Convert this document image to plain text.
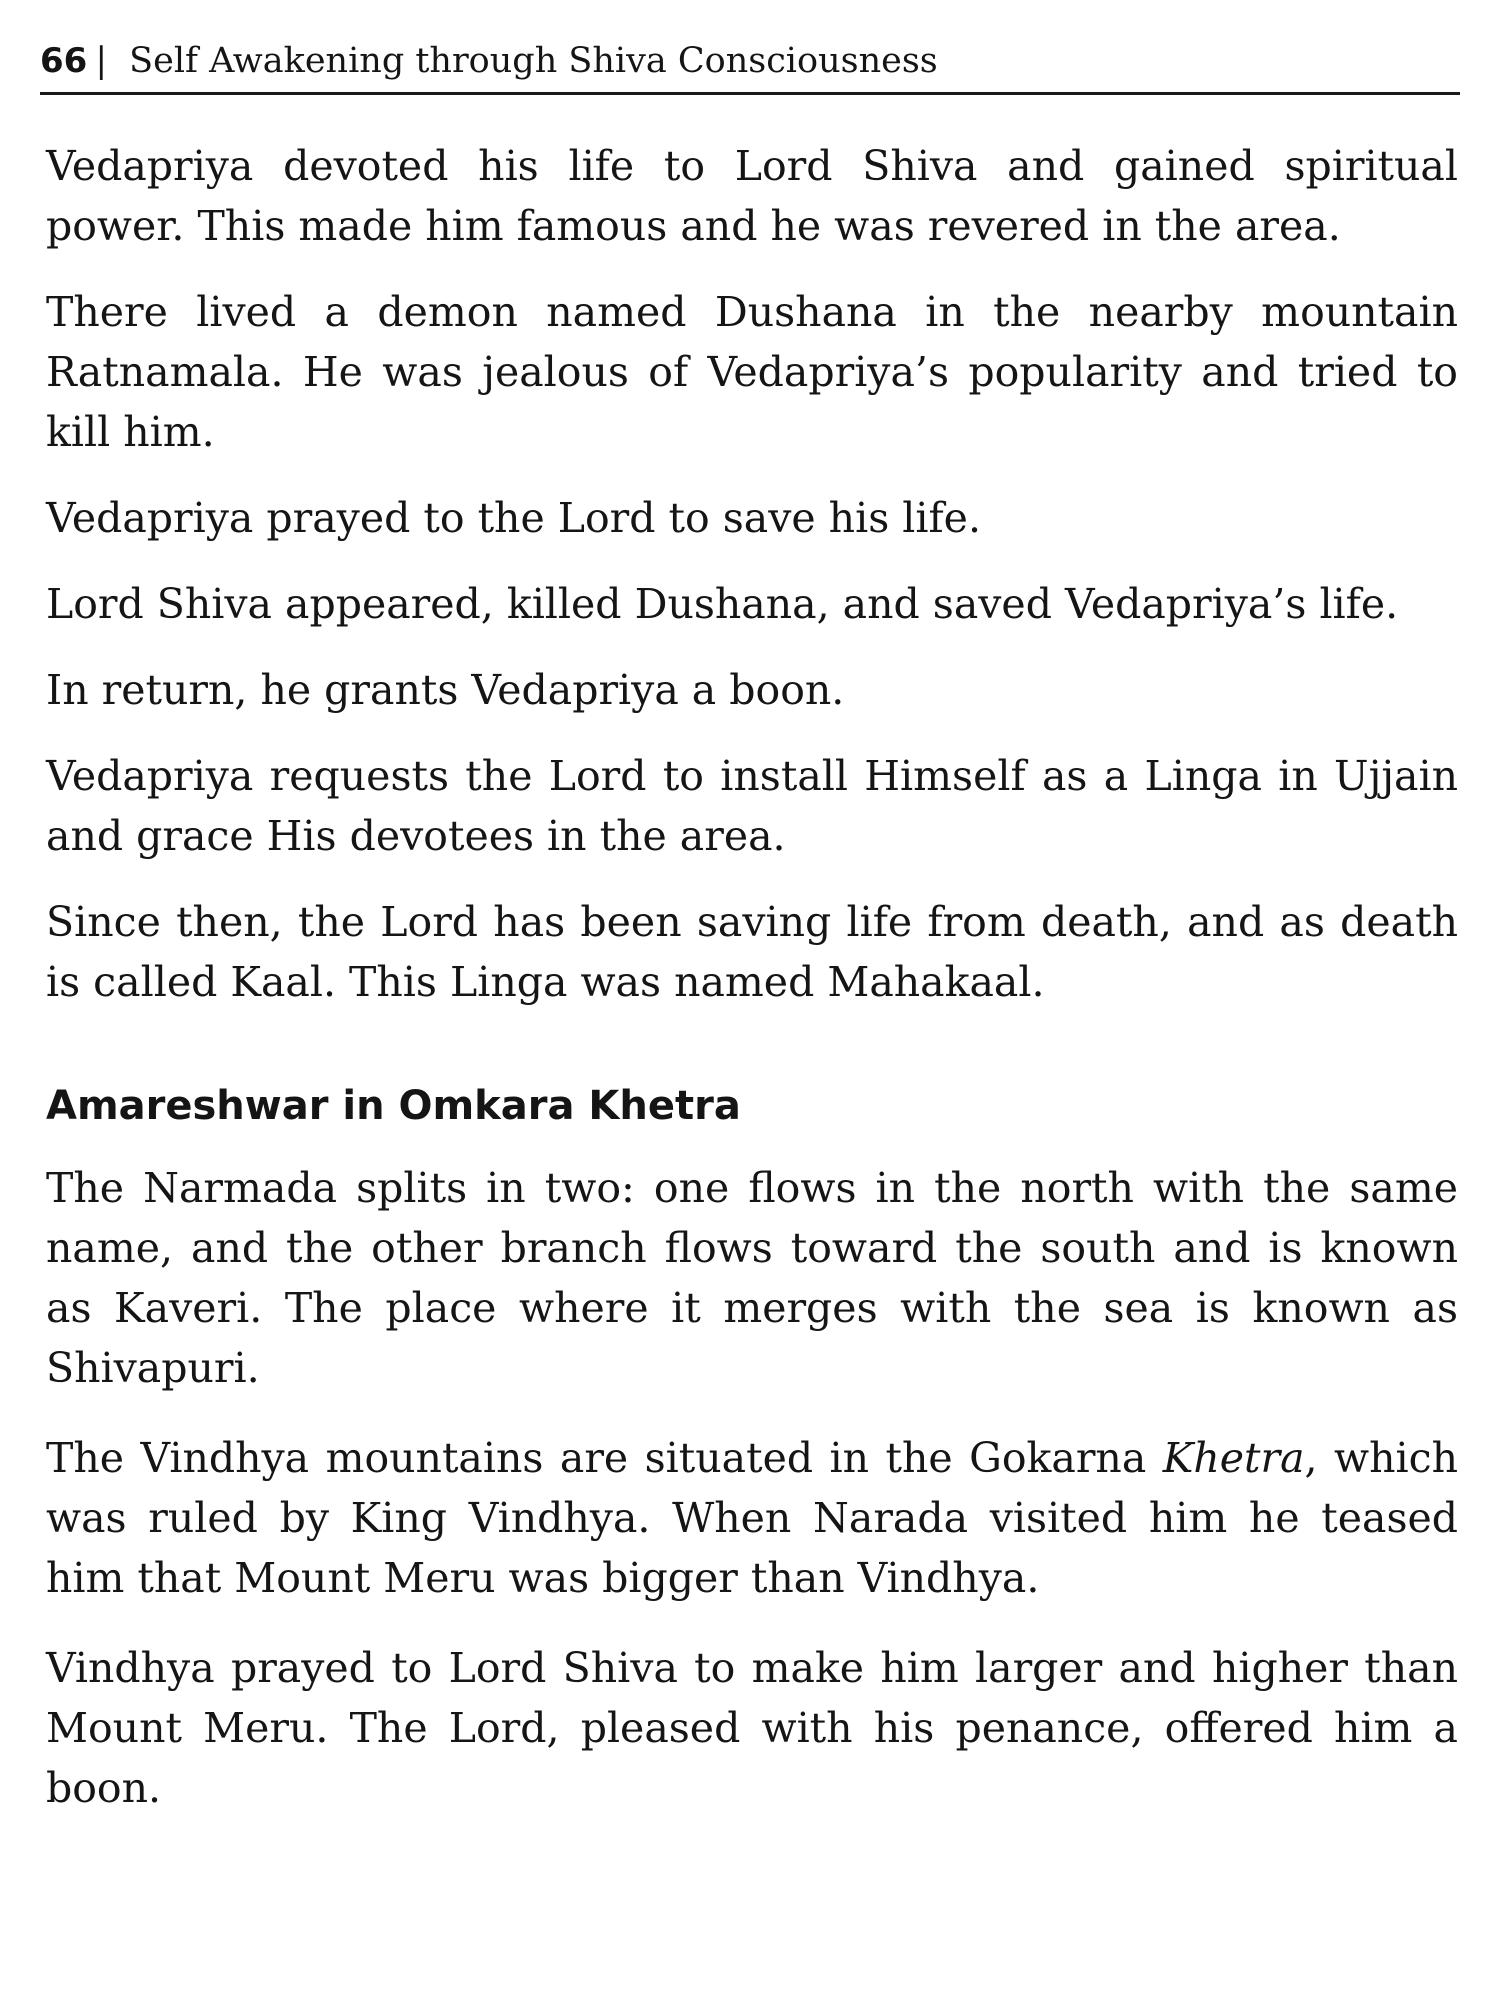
66 | Self Awakening through Shiva Consciousness

Vedapriya devoted his life to Lord Shiva and gained spiritual power. This made him famous and he was revered in the area.

There lived a demon named Dushana in the nearby mountain Ratnamala. He was jealous of Vedapriya’s popularity and tried to kill him.

Vedapriya prayed to the Lord to save his life.

Lord Shiva appeared, killed Dushana, and saved Vedapriya’s life.

In return, he grants Vedapriya a boon.

Vedapriya requests the Lord to install Himself as a Linga in Ujjain and grace His devotees in the area.

Since then, the Lord has been saving life from death, and as death is called Kaal. This Linga was named Mahakaal.

Amareshwar in Omkara Khetra

The Narmada splits in two: one flows in the north with the same name, and the other branch flows toward the south and is known as Kaveri. The place where it merges with the sea is known as Shivapuri.

The Vindhya mountains are situated in the Gokarna Khetra, which was ruled by King Vindhya. When Narada visited him he teased him that Mount Meru was bigger than Vindhya.

Vindhya prayed to Lord Shiva to make him larger and higher than Mount Meru. The Lord, pleased with his penance, offered him a boon.
